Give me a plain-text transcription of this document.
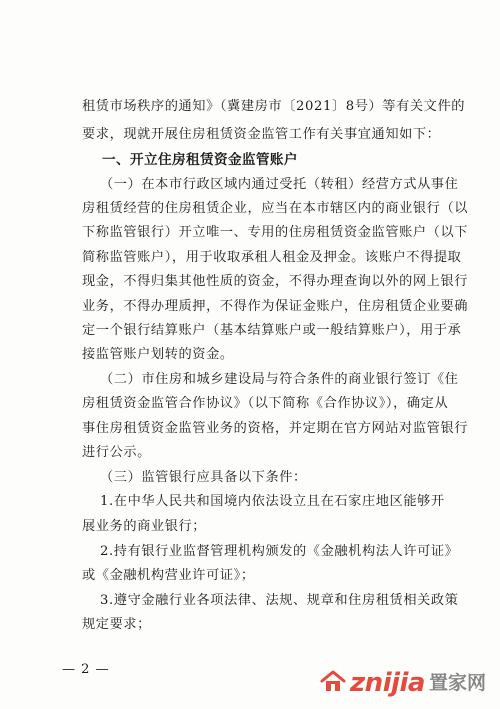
租赁市场秩序的通知》（冀建房市〔2021〕8号）等有关文件的
要求，现就开展住房租赁资金监管工作有关事宜通知如下：
一、开立住房租赁资金监管账户
（一）在本市行政区域内通过受托（转租）经营方式从事住
房租赁经营的住房租赁企业，应当在本市辖区内的商业银行（以
下称监管银行）开立唯一、专用的住房租赁资金监管账户（以下
简称监管账户），用于收取承租人租金及押金。该账户不得提取
现金，不得归集其他性质的资金，不得办理查询以外的网上银行
业务，不得办理质押，不得作为保证金账户，住房租赁企业要确
定一个银行结算账户（基本结算账户或一般结算账户），用于承
接监管账户划转的资金。
（二）市住房和城乡建设局与符合条件的商业银行签订《住
房租赁资金监管合作协议》（以下简称《合作协议》），确定从
事住房租赁资金监管业务的资格，并定期在官方网站对监管银行
进行公示。
（三）监管银行应具备以下条件：
1.在中华人民共和国境内依法设立且在石家庄地区能够开
展业务的商业银行；
2.持有银行业监督管理机构颁发的《金融机构法人许可证》
或《金融机构营业许可证》；
3.遵守金融行业各项法律、法规、规章和住房租赁相关政策
规定要求；
— 2 —	znijia 置家网
